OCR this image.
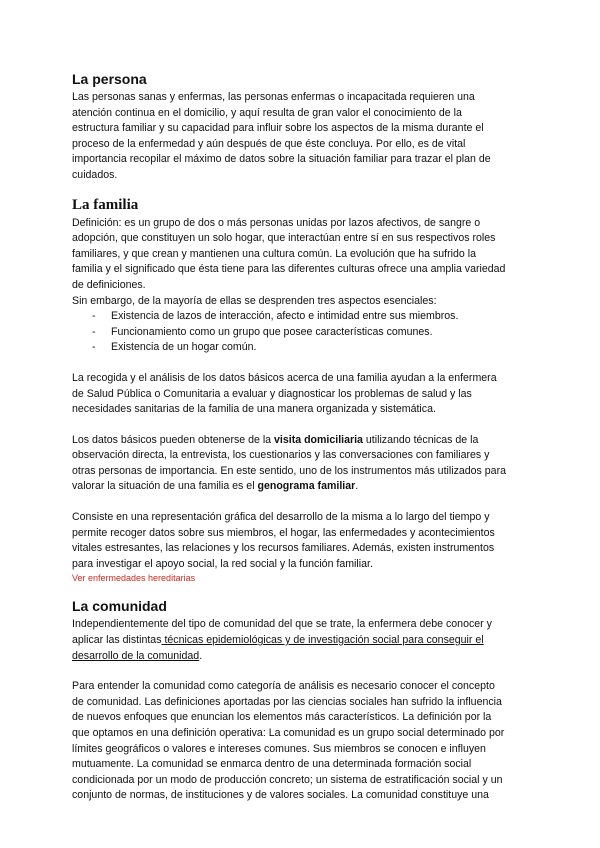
La persona

Las personas sanas y enfermas, las personas enfermas o incapacitada requieren una atención continua en el domicilio, y aquí resulta de gran valor el conocimiento de la estructura familiar y su capacidad para influir sobre los aspectos de la misma durante el proceso de la enfermedad y aún después de que éste concluya. Por ello, es de vital importancia recopilar el máximo de datos sobre la situación familiar para trazar el plan de cuidados.

La familia

Definición: es un grupo de dos o más personas unidas por lazos afectivos, de sangre o adopción, que constituyen un solo hogar, que interactúan entre sí en sus respectivos roles familiares, y que crean y mantienen una cultura común. La evolución que ha sufrido la familia y el significado que ésta tiene para las diferentes culturas ofrece una amplia variedad de definiciones.

Sin embargo, de la mayoría de ellas se desprenden tres aspectos esenciales:

- Existencia de lazos de interacción, afecto e intimidad entre sus miembros.
- Funcionamiento como un grupo que posee características comunes.
- Existencia de un hogar común.

La recogida y el análisis de los datos básicos acerca de una familia ayudan a la enfermera de Salud Pública o Comunitaria a evaluar y diagnosticar los problemas de salud y las necesidades sanitarias de la familia de una manera organizada y sistemática.

Los datos básicos pueden obtenerse de la visita domiciliaria utilizando técnicas de la observación directa, la entrevista, los cuestionarios y las conversaciones con familiares y otras personas de importancia. En este sentido, uno de los instrumentos más utilizados para valorar la situación de una familia es el genograma familiar.

Consiste en una representación gráfica del desarrollo de la misma a lo largo del tiempo y permite recoger datos sobre sus miembros, el hogar, las enfermedades y acontecimientos vitales estresantes, las relaciones y los recursos familiares. Además, existen instrumentos para investigar el apoyo social, la red social y la función familiar.

Ver enfermedades hereditarias
La comunidad

Independientemente del tipo de comunidad del que se trate, la enfermera debe conocer y aplicar las distintas técnicas epidemiológicas y de investigación social para conseguir el desarrollo de la comunidad.

Para entender la comunidad como categoría de análisis es necesario conocer el concepto de comunidad. Las definiciones aportadas por las ciencias sociales han sufrido la influencia de nuevos enfoques que enuncian los elementos más característicos. La definición por la que optamos en una definición operativa: La comunidad es un grupo social determinado por límites geográficos o valores e intereses comunes. Sus miembros se conocen e influyen mutuamente. La comunidad se enmarca dentro de una determinada formación social condicionada por un modo de producción concreto; un sistema de estratificación social y un conjunto de normas, de instituciones y de valores sociales. La comunidad constituye una
